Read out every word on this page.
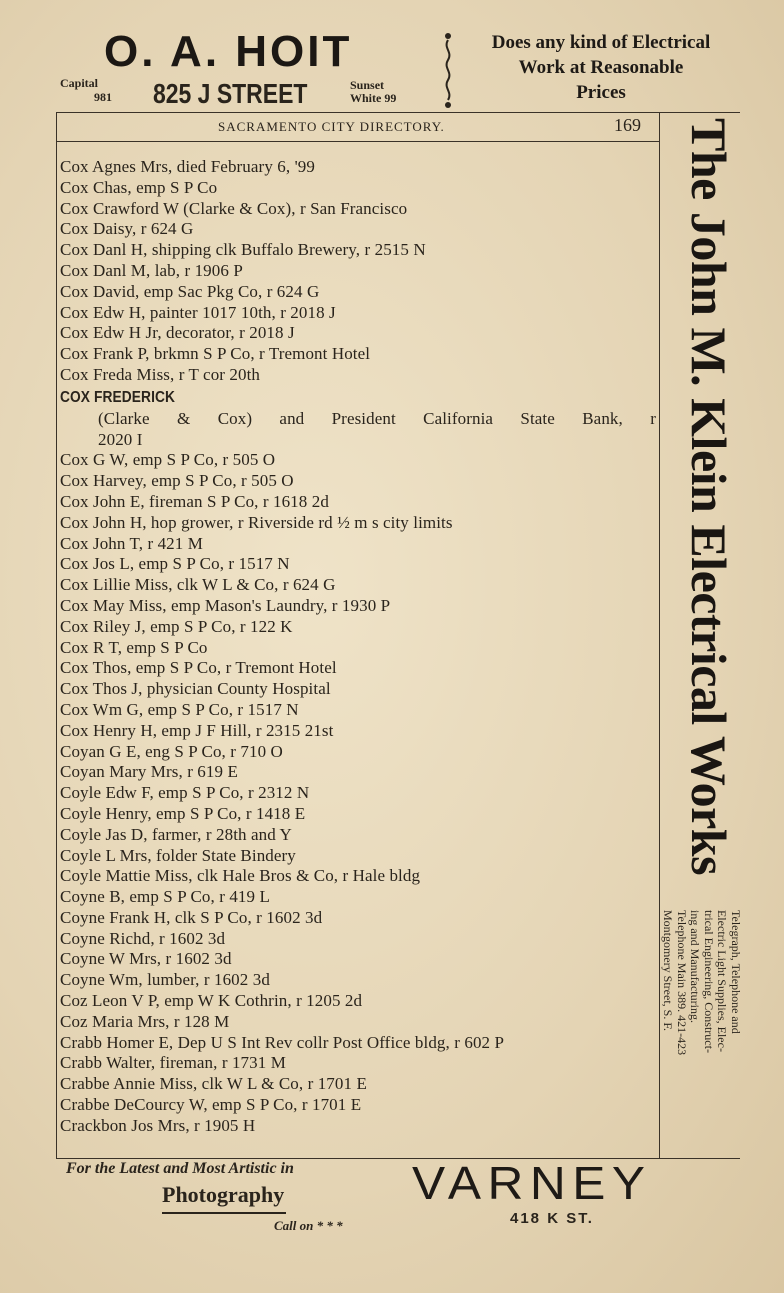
O. A. HOIT
Capital
981 825 J STREET	Sunset
White 99
Does any kind of Electrical
Work at Reasonable
Prices
SACRAMENTO CITY DIRECTORY.	169
Cox Agnes Mrs, died February 6, '99
Cox Chas, emp S P Co
Cox Crawford W (Clarke & Cox), r San Francisco
Cox Daisy, r 624 G
Cox Danl H, shipping clk Buffalo Brewery, r 2515 N
Cox Danl M, lab, r 1906 P
Cox David, emp Sac Pkg Co, r 624 G
Cox Edw H, painter 1017 10th, r 2018 J
Cox Edw H Jr, decorator, r 2018 J
Cox Frank P, brkmn S P Co, r Tremont Hotel
Cox Freda Miss, r T cor 20th
COX FREDERICK
(Clarke & Cox) and President California State Bank, r
2020 I
Cox G W, emp S P Co, r 505 O
Cox Harvey, emp S P Co, r 505 O
Cox John E, fireman S P Co, r 1618 2d
Cox John H, hop grower, r Riverside rd ½ m s city limits
Cox John T, r 421 M
Cox Jos L, emp S P Co, r 1517 N
Cox Lillie Miss, clk W L & Co, r 624 G
Cox May Miss, emp Mason's Laundry, r 1930 P
Cox Riley J, emp S P Co, r 122 K
Cox R T, emp S P Co
Cox Thos, emp S P Co, r Tremont Hotel
Cox Thos J, physician County Hospital
Cox Wm G, emp S P Co, r 1517 N
Cox Henry H, emp J F Hill, r 2315 21st
Coyan G E, eng S P Co, r 710 O
Coyan Mary Mrs, r 619 E
Coyle Edw F, emp S P Co, r 2312 N
Coyle Henry, emp S P Co, r 1418 E
Coyle Jas D, farmer, r 28th and Y
Coyle L Mrs, folder State Bindery
Coyle Mattie Miss, clk Hale Bros & Co, r Hale bldg
Coyne B, emp S P Co, r 419 L
Coyne Frank H, clk S P Co, r 1602 3d
Coyne Richd, r 1602 3d
Coyne W Mrs, r 1602 3d
Coyne Wm, lumber, r 1602 3d
Coz Leon V P, emp W K Cothrin, r 1205 2d
Coz Maria Mrs, r 128 M
Crabb Homer E, Dep U S Int Rev collr Post Office bldg, r 602 P
Crabb Walter, fireman, r 1731 M
Crabbe Annie Miss, clk W L & Co, r 1701 E
Crabbe DeCourcy W, emp S P Co, r 1701 E
Crackbon Jos Mrs, r 1905 H
The John M. Klein Electrical Works
Telegraph, Telephone and
Electric Light Supplies, Elec-
trical Engineering, Construct-
ing and Manufacturing.
Telephone Main 389. 421-423
Montgomery Street, S. F.
For the Latest and Most Artistic in
Photography
Call on * * *
VARNEY
418 K ST.
